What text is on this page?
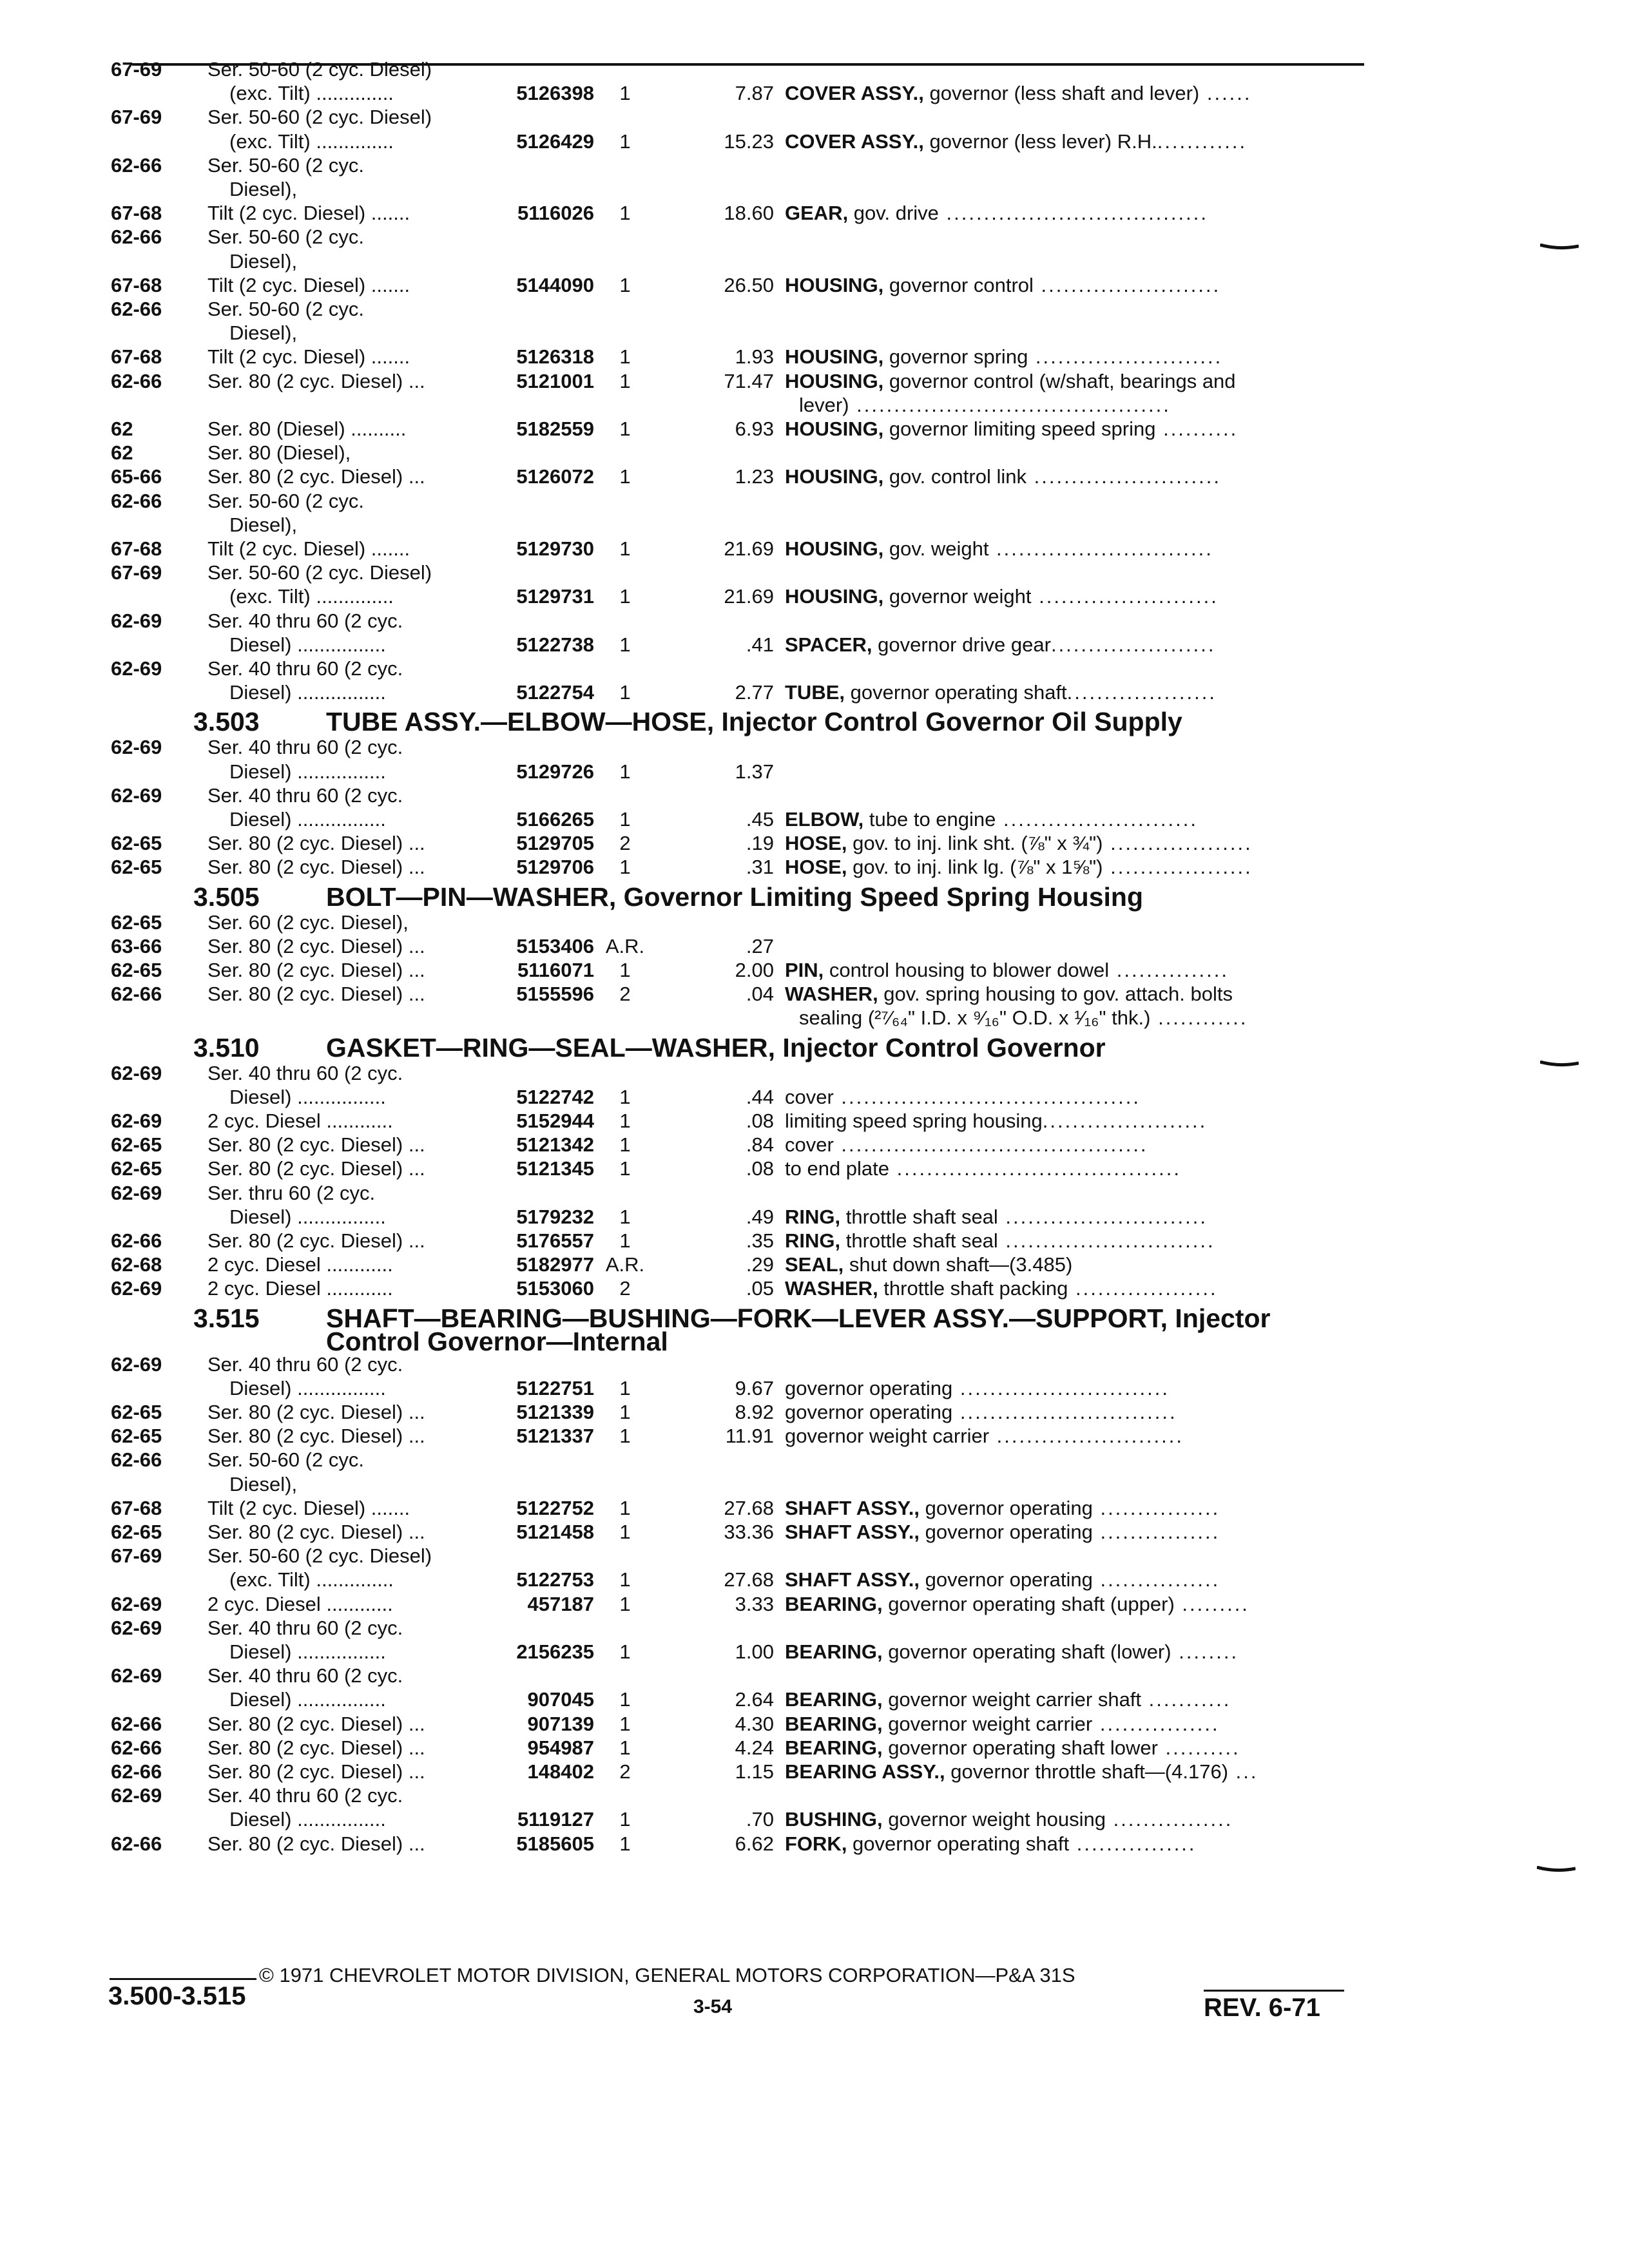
67-69 Ser. 50-60 (2 cyc. Diesel)
(exc. Tilt) ..............	5126398	1	7.87 COVER ASSY., governor (less shaft and lever) ......
67-69 Ser. 50-60 (2 cyc. Diesel)
(exc. Tilt) ..............	5126429	1	15.23 COVER ASSY., governor (less lever) R.H.............
62-66 Ser. 50-60 (2 cyc.
Diesel),
67-68 Tilt (2 cyc. Diesel) .......	5116026	1	18.60 GEAR, gov. drive ...................................
62-66 Ser. 50-60 (2 cyc.
Diesel),
67-68 Tilt (2 cyc. Diesel) .......	5144090	1	26.50 HOUSING, governor control ........................
62-66 Ser. 50-60 (2 cyc.
Diesel),
67-68 Tilt (2 cyc. Diesel) .......	5126318	1	1.93 HOUSING, governor spring .........................
62-66 Ser. 80 (2 cyc. Diesel) ...	5121001	1	71.47 HOUSING, governor control (w/shaft, bearings and
lever) ..........................................
62	Ser. 80 (Diesel) ..........	5182559	1	6.93 HOUSING, governor limiting speed spring ..........
62	Ser. 80 (Diesel),
65-66 Ser. 80 (2 cyc. Diesel) ...	5126072	1	1.23 HOUSING, gov. control link .........................
62-66 Ser. 50-60 (2 cyc.
Diesel),
67-68 Tilt (2 cyc. Diesel) .......	5129730	1	21.69 HOUSING, gov. weight .............................
67-69 Ser. 50-60 (2 cyc. Diesel)
(exc. Tilt) ..............	5129731	1	21.69 HOUSING, governor weight ........................
62-69 Ser. 40 thru 60 (2 cyc.
Diesel) ................	5122738	1	.41 SPACER, governor drive gear......................
62-69 Ser. 40 thru 60 (2 cyc.
Diesel) ................	5122754	1	2.77 TUBE, governor operating shaft....................
3.503	TUBE ASSY.—ELBOW—HOSE, Injector Control Governor Oil Supply
62-69 Ser. 40 thru 60 (2 cyc.
Diesel) ................	5129726	1	1.37
62-69 Ser. 40 thru 60 (2 cyc.
Diesel) ................	5166265	1	.45 ELBOW, tube to engine ..........................
62-65 Ser. 80 (2 cyc. Diesel) ...	5129705	2	.19 HOSE, gov. to inj. link sht. (⅞" x ¾") ...................
62-65 Ser. 80 (2 cyc. Diesel) ...	5129706	1	.31 HOSE, gov. to inj. link lg. (⅞" x 1⅝") ...................
3.505	BOLT—PIN—WASHER, Governor Limiting Speed Spring Housing
62-65 Ser. 60 (2 cyc. Diesel),
63-66 Ser. 80 (2 cyc. Diesel) ...	5153406 A.R.	.27
62-65 Ser. 80 (2 cyc. Diesel) ...	5116071	1	2.00 PIN, control housing to blower dowel ...............
62-66 Ser. 80 (2 cyc. Diesel) ...	5155596	2	.04 WASHER, gov. spring housing to gov. attach. bolts
sealing (²⁷⁄₆₄" I.D. x ⁹⁄₁₆" O.D. x ¹⁄₁₆" thk.) ............
3.510	GASKET—RING—SEAL—WASHER, Injector Control Governor
62-69 Ser. 40 thru 60 (2 cyc.
Diesel) ................	5122742	1	.44 cover ........................................
62-69 2 cyc. Diesel ............	5152944	1	.08 limiting speed spring housing......................
62-65 Ser. 80 (2 cyc. Diesel) ...	5121342	1	.84 cover .........................................
62-65 Ser. 80 (2 cyc. Diesel) ...	5121345	1	.08 to end plate ......................................
62-69 Ser. thru 60 (2 cyc.
Diesel) ................	5179232	1	.49 RING, throttle shaft seal ...........................
62-66 Ser. 80 (2 cyc. Diesel) ...	5176557	1	.35 RING, throttle shaft seal ............................
62-68 2 cyc. Diesel ............	5182977 A.R.	.29 SEAL, shut down shaft—(3.485)
62-69 2 cyc. Diesel ............	5153060	2	.05 WASHER, throttle shaft packing ...................
3.515	SHAFT—BEARING—BUSHING—FORK—LEVER ASSY.—SUPPORT, Injector
Control Governor—Internal
62-69 Ser. 40 thru 60 (2 cyc.
Diesel) ................	5122751	1	9.67 governor operating ............................
62-65 Ser. 80 (2 cyc. Diesel) ...	5121339	1	8.92 governor operating .............................
62-65 Ser. 80 (2 cyc. Diesel) ...	5121337	1	11.91 governor weight carrier .........................
62-66 Ser. 50-60 (2 cyc.
Diesel),
67-68 Tilt (2 cyc. Diesel) .......	5122752	1	27.68 SHAFT ASSY., governor operating ................
62-65 Ser. 80 (2 cyc. Diesel) ...	5121458	1	33.36 SHAFT ASSY., governor operating ................
67-69 Ser. 50-60 (2 cyc. Diesel)
(exc. Tilt) ..............	5122753	1	27.68 SHAFT ASSY., governor operating ................
62-69 2 cyc. Diesel ............	457187	1	3.33 BEARING, governor operating shaft (upper) .........
62-69 Ser. 40 thru 60 (2 cyc.
Diesel) ................	2156235	1	1.00 BEARING, governor operating shaft (lower) ........
62-69 Ser. 40 thru 60 (2 cyc.
Diesel) ................	907045	1	2.64 BEARING, governor weight carrier shaft ...........
62-66 Ser. 80 (2 cyc. Diesel) ...	907139	1	4.30 BEARING, governor weight carrier ................
62-66 Ser. 80 (2 cyc. Diesel) ...	954987	1	4.24 BEARING, governor operating shaft lower ..........
62-66 Ser. 80 (2 cyc. Diesel) ...	148402	2	1.15 BEARING ASSY., governor throttle shaft—(4.176) ...
62-69 Ser. 40 thru 60 (2 cyc.
Diesel) ................	5119127	1	.70 BUSHING, governor weight housing ................
62-66 Ser. 80 (2 cyc. Diesel) ...	5185605	1	6.62 FORK, governor operating shaft ................
© 1971 CHEVROLET MOTOR DIVISION, GENERAL MOTORS CORPORATION—P&A 31S
3.500-3.515	3-54	REV. 6-71
